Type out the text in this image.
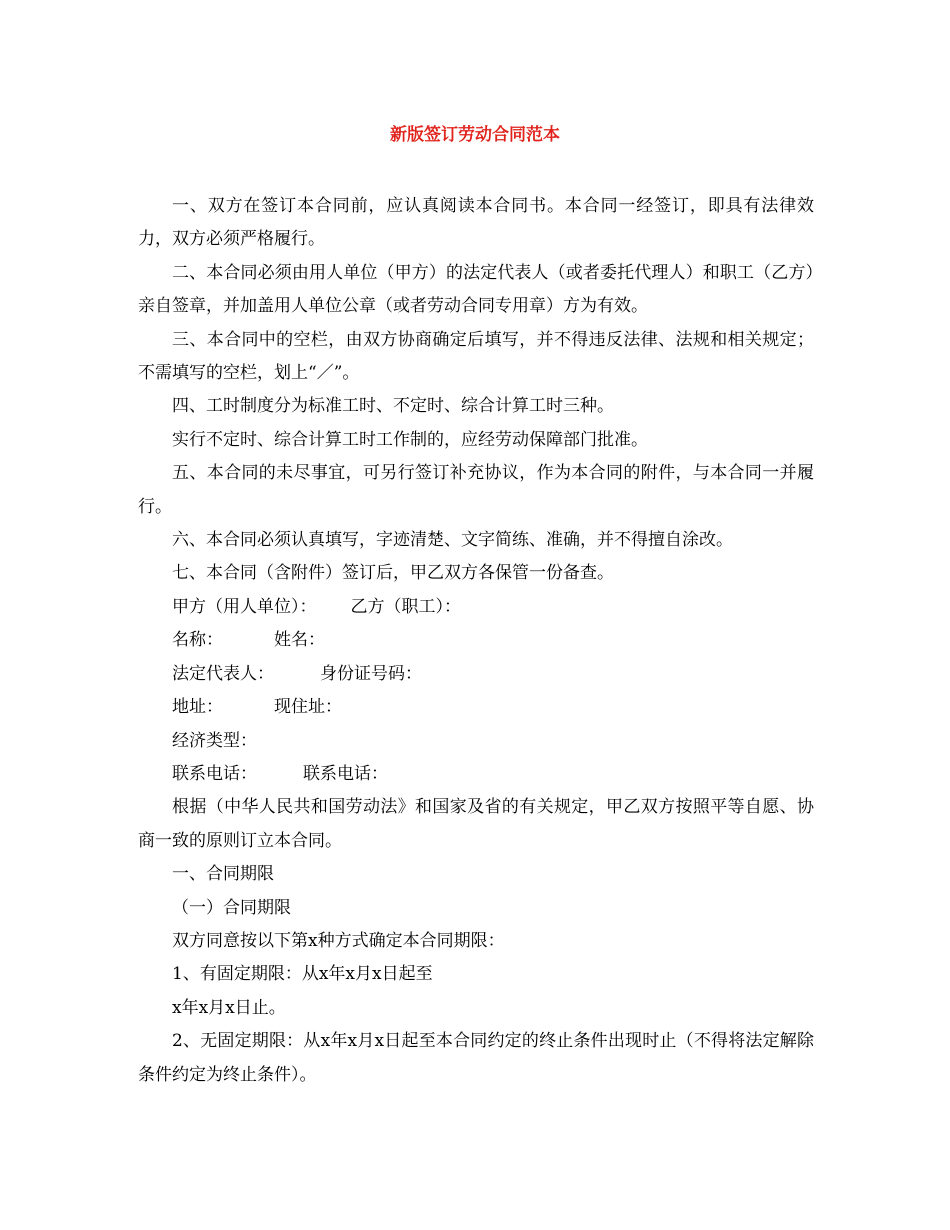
新版签订劳动合同范本

一、双方在签订本合同前，应认真阅读本合同书。本合同一经签订，即具有法律效力，双方必须严格履行。

二、本合同必须由用人单位（甲方）的法定代表人（或者委托代理人）和职工（乙方）亲自签章，并加盖用人单位公章（或者劳动合同专用章）方为有效。

三、本合同中的空栏，由双方协商确定后填写，并不得违反法律、法规和相关规定；不需填写的空栏，划上“／”。

四、工时制度分为标准工时、不定时、综合计算工时三种。

实行不定时、综合计算工时工作制的，应经劳动保障部门批准。

五、本合同的未尽事宜，可另行签订补充协议，作为本合同的附件，与本合同一并履行。

六、本合同必须认真填写，字迹清楚、文字简练、准确，并不得擅自涂改。

七、本合同（含附件）签订后，甲乙双方各保管一份备查。

甲方（用人单位）： 乙方（职工）：
名称：	姓名：
法定代表人：	身份证号码：
地址：	现住址：
经济类型：
联系电话：	联系电话：

根据（中华人民共和国劳动法》和国家及省的有关规定，甲乙双方按照平等自愿、协商一致的原则订立本合同。

一、合同期限

（一）合同期限

双方同意按以下第x种方式确定本合同期限：

1、有固定期限：从x年x月x日起至

x年x月x日止。

2、无固定期限：从x年x月x日起至本合同约定的终止条件出现时止（不得将法定解除条件约定为终止条件）。
